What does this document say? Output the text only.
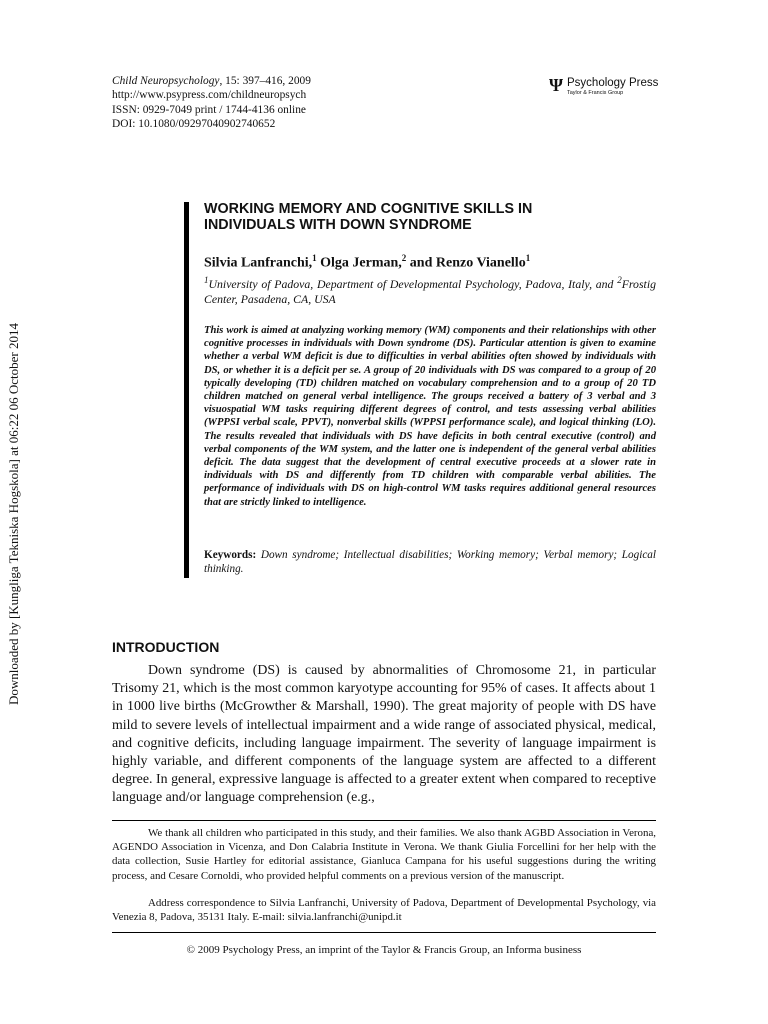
Downloaded by [Kungliga Tekniska Hogskola] at 06:22 06 October 2014
Child Neuropsychology, 15: 397–416, 2009
http://www.psypress.com/childneuropsych
ISSN: 0929-7049 print / 1744-4136 online
DOI: 10.1080/09297040902740652
Ψ Psychology Press
Taylor & Francis Group
WORKING MEMORY AND COGNITIVE SKILLS IN INDIVIDUALS WITH DOWN SYNDROME
Silvia Lanfranchi,$^1$ Olga Jerman,$^2$ and Renzo Vianello$^1$
$^1$University of Padova, Department of Developmental Psychology, Padova, Italy, and $^2$Frostig Center, Pasadena, CA, USA
This work is aimed at analyzing working memory (WM) components and their relationships with other cognitive processes in individuals with Down syndrome (DS). Particular attention is given to examine whether a verbal WM deficit is due to difficulties in verbal abilities often showed by individuals with DS, or whether it is a deficit per se. A group of 20 individuals with DS was compared to a group of 20 typically developing (TD) children matched on vocabulary comprehension and to a group of 20 TD children matched on general verbal intelligence. The groups received a battery of 3 verbal and 3 visuospatial WM tasks requiring different degrees of control, and tests assessing verbal abilities (WPPSI verbal scale, PPVT), nonverbal skills (WPPSI performance scale), and logical thinking (LO). The results revealed that individuals with DS have deficits in both central executive (control) and verbal components of the WM system, and the latter one is independent of the general verbal abilities deficit. The data suggest that the development of central executive proceeds at a slower rate in individuals with DS and differently from TD children with comparable verbal abilities. The performance of individuals with DS on high-control WM tasks requires additional general resources that are strictly linked to intelligence.
Keywords: Down syndrome; Intellectual disabilities; Working memory; Verbal memory; Logical thinking.
INTRODUCTION
Down syndrome (DS) is caused by abnormalities of Chromosome 21, in particular Trisomy 21, which is the most common karyotype accounting for 95% of cases. It affects about 1 in 1000 live births (McGrowther & Marshall, 1990). The great majority of people with DS have mild to severe levels of intellectual impairment and a wide range of associated physical, medical, and cognitive deficits, including language impairment. The severity of language impairment is highly variable, and different components of the language system are affected to a different degree. In general, expressive language is affected to a greater extent when compared to receptive language and/or language comprehension (e.g.,
We thank all children who participated in this study, and their families. We also thank AGBD Association in Verona, AGENDO Association in Vicenza, and Don Calabria Institute in Verona. We thank Giulia Forcellini for her help with the data collection, Susie Hartley for editorial assistance, Gianluca Campana for his useful suggestions during the writing process, and Cesare Cornoldi, who provided helpful comments on a previous version of the manuscript.
Address correspondence to Silvia Lanfranchi, University of Padova, Department of Developmental Psychology, via Venezia 8, Padova, 35131 Italy. E-mail: silvia.lanfranchi@unipd.it
© 2009 Psychology Press, an imprint of the Taylor & Francis Group, an Informa business
